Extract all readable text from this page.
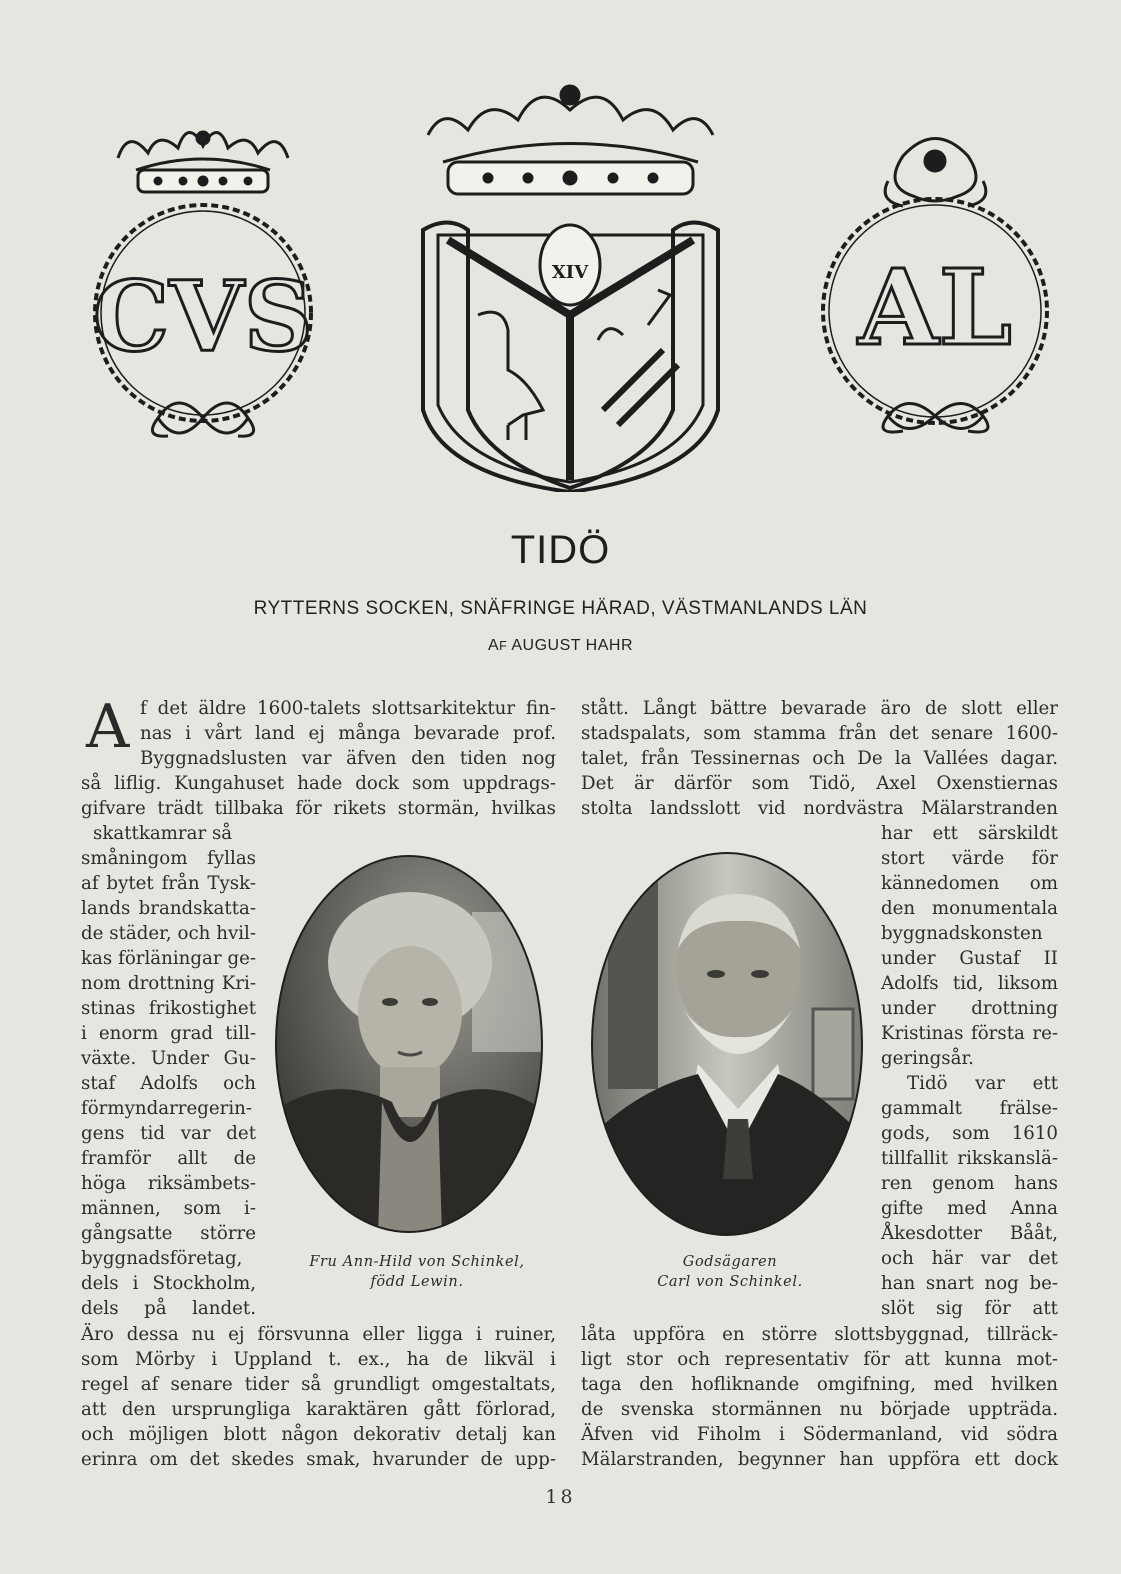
CVS	XIV	AL
TIDÖ
RYTTERNS SOCKEN, SNÄFRINGE HÄRAD, VÄSTMANLANDS LÄN
AF AUGUST HAHR
A f det äldre 1600-talets slottsarkitektur fin-
nas i vårt land ej många bevarade prof.
Byggnadslusten var äfven den tiden nog
så liflig. Kungahuset hade dock som uppdrags-
gifvare trädt tillbaka för rikets stormän, hvilkas
skattkamrar så
småningom fyllas
af bytet från Tysk-
lands brandskatta-
de städer, och hvil-
kas förläningar ge-
nom drottning Kri-
stinas frikostighet
i enorm grad till-
växte. Under Gu-
staf Adolfs och
förmyndarregerin-
gens tid var det
framför allt de
höga riksämbets-
männen, som i-
gångsatte större
byggnadsföretag,
dels i Stockholm,
dels på landet.
Äro dessa nu ej försvunna eller ligga i ruiner,
som Mörby i Uppland t. ex., ha de likväl i
regel af senare tider så grundligt omgestaltats,
att den ursprungliga karaktären gått förlorad,
och möjligen blott någon dekorativ detalj kan
erinra om det skedes smak, hvarunder de upp-
stått. Långt bättre bevarade äro de slott eller
stadspalats, som stamma från det senare 1600-
talet, från Tessinernas och De la Vallées dagar.
Det är därför som Tidö, Axel Oxenstiernas
stolta landsslott vid nordvästra Mälarstranden
har ett särskildt
stort värde för
kännedomen om
den monumentala
byggnadskonsten
under Gustaf II
Adolfs tid, liksom
under drottning
Kristinas första re-
geringsår.
Tidö var ett
gammalt frälse-
gods, som 1610
tillfallit rikskanslä-
ren genom hans
gifte med Anna
Åkesdotter Bååt,
och här var det
han snart nog be-
slöt sig för att
låta uppföra en större slottsbyggnad, tillräck-
ligt stor och representativ för att kunna mot-
taga den hofliknande omgifning, med hvilken
de svenska stormännen nu började uppträda.
Äfven vid Fiholm i Södermanland, vid södra
Mälarstranden, begynner han uppföra ett dock
Fru Ann-Hild von Schinkel,
född Lewin.
Godsägaren
Carl von Schinkel.
18
